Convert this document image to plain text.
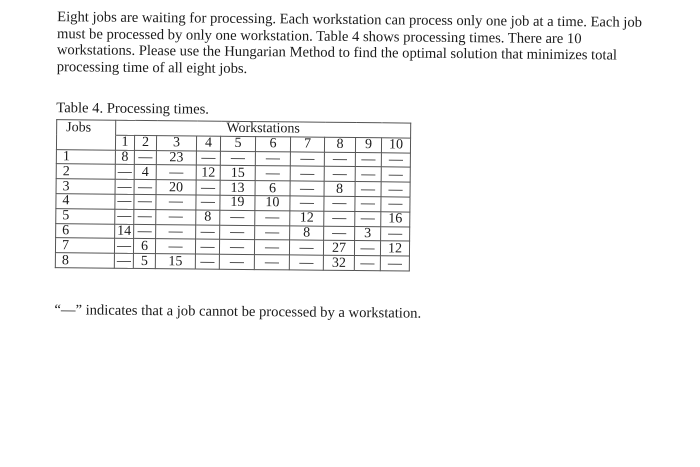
Eight jobs are waiting for processing. Each workstation can process only one job at a time. Each job must be processed by only one workstation. Table 4 shows processing times. There are 10 workstations. Please use the Hungarian Method to find the optimal solution that minimizes total processing time of all eight jobs.

Table 4. Processing times.

Jobs	Workstations									
	1	2	3	4	5	6	7	8	9	10
1	8	—	23	—	—	—	—	—	—	—
2	—	4	—	12	15	—	—	—	—	—
3	—	—	20	—	13	6	—	8	—	—
4	—	—	—	—	19	10	—	—	—	—
5	—	—	—	8	—	—	12	—	—	16
6	14	—	—	—	—	—	8	—	3	—
7	—	6	—	—	—	—	—	27	—	12
8	—	5	15	—	—	—	—	32	—	—

“—” indicates that a job cannot be processed by a workstation.
